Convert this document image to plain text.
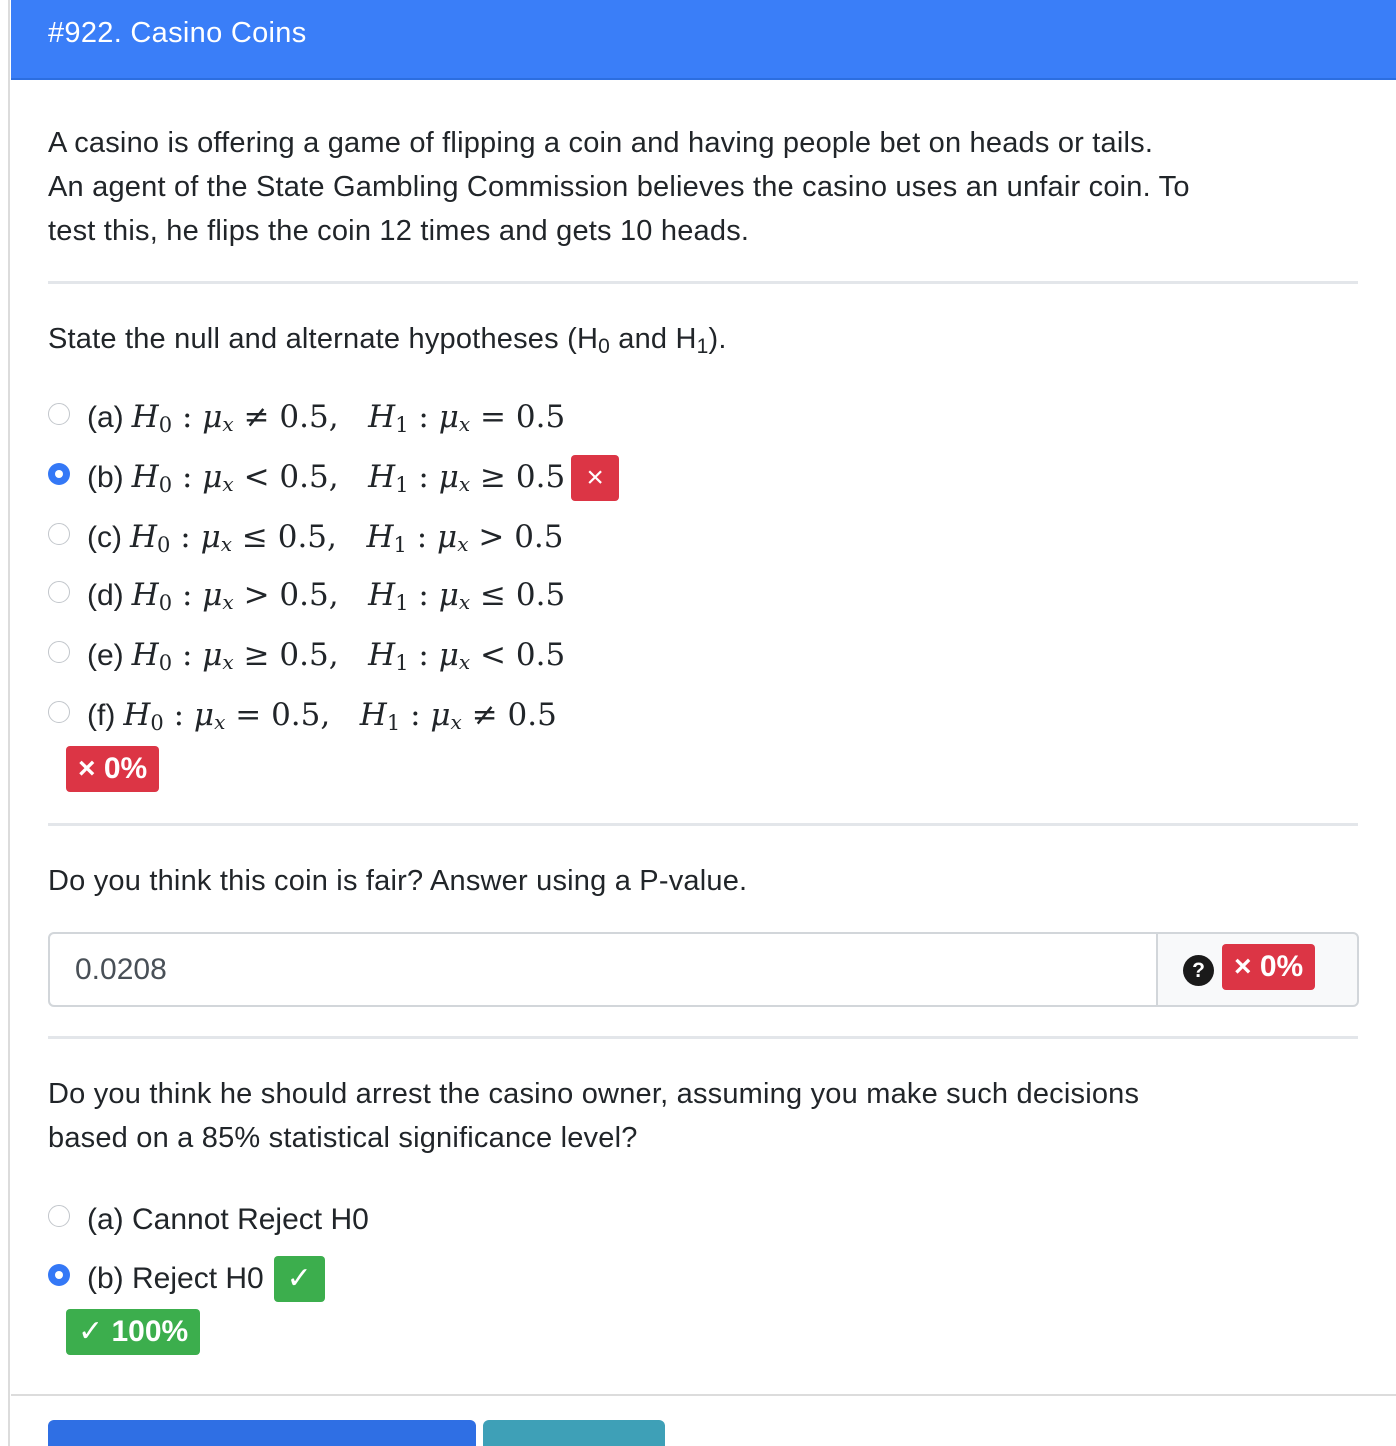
#922. Casino Coins
A casino is offering a game of flipping a coin and having people bet on heads or tails.
An agent of the State Gambling Commission believes the casino uses an unfair coin. To
test this, he flips the coin 12 times and gets 10 heads.
State the null and alternate hypotheses ($H_0$ and $H_1$).
(a) $H_0$ : μx ≠ 0.5, $H_1$ : μx = 0.5
(b) $H_0$ : μx < 0.5, $H_1$ : μx ≥ 0.5 ×
(c) $H_0$ : μx ≤ 0.5, $H_1$ : μx > 0.5
(d) $H_0$ : μx > 0.5, $H_1$ : μx ≤ 0.5
(e) $H_0$ : μx ≥ 0.5, $H_1$ : μx < 0.5
(f) $H_0$ : μx = 0.5, $H_1$ : μx ≠ 0.5
× 0%
Do you think this coin is fair? Answer using a P-value.
0.0208	? × 0%
Do you think he should arrest the casino owner, assuming you make such decisions
based on a 85% statistical significance level?
(a) Cannot Reject H0
(b) Reject H0 ✓
✓ 100%
